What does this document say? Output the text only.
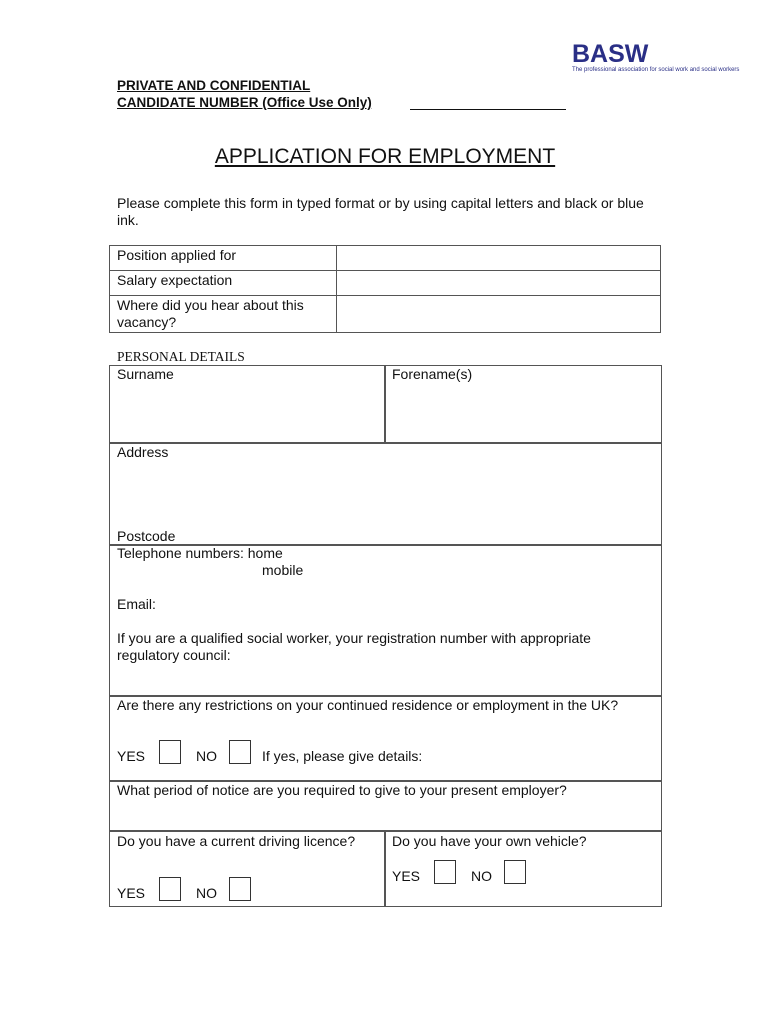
BASW
The professional association for social work and social workers
PRIVATE AND CONFIDENTIAL
CANDIDATE NUMBER (Office Use Only)
APPLICATION FOR EMPLOYMENT
Please complete this form in typed format or by using capital letters and black or blue ink.
Position applied for	
Salary expectation	
Where did you hear about this vacancy?	
PERSONAL DETAILS
Surname	Forename(s)
Address
Postcode
Telephone numbers: home
mobile
Email:
If you are a qualified social worker, your registration number with appropriate regulatory council:
Are there any restrictions on your continued residence or employment in the UK?
YES	NO	If yes, please give details:
What period of notice are you required to give to your present employer?
Do you have a current driving licence?
YES	NO
Do you have your own vehicle?
YES	NO
